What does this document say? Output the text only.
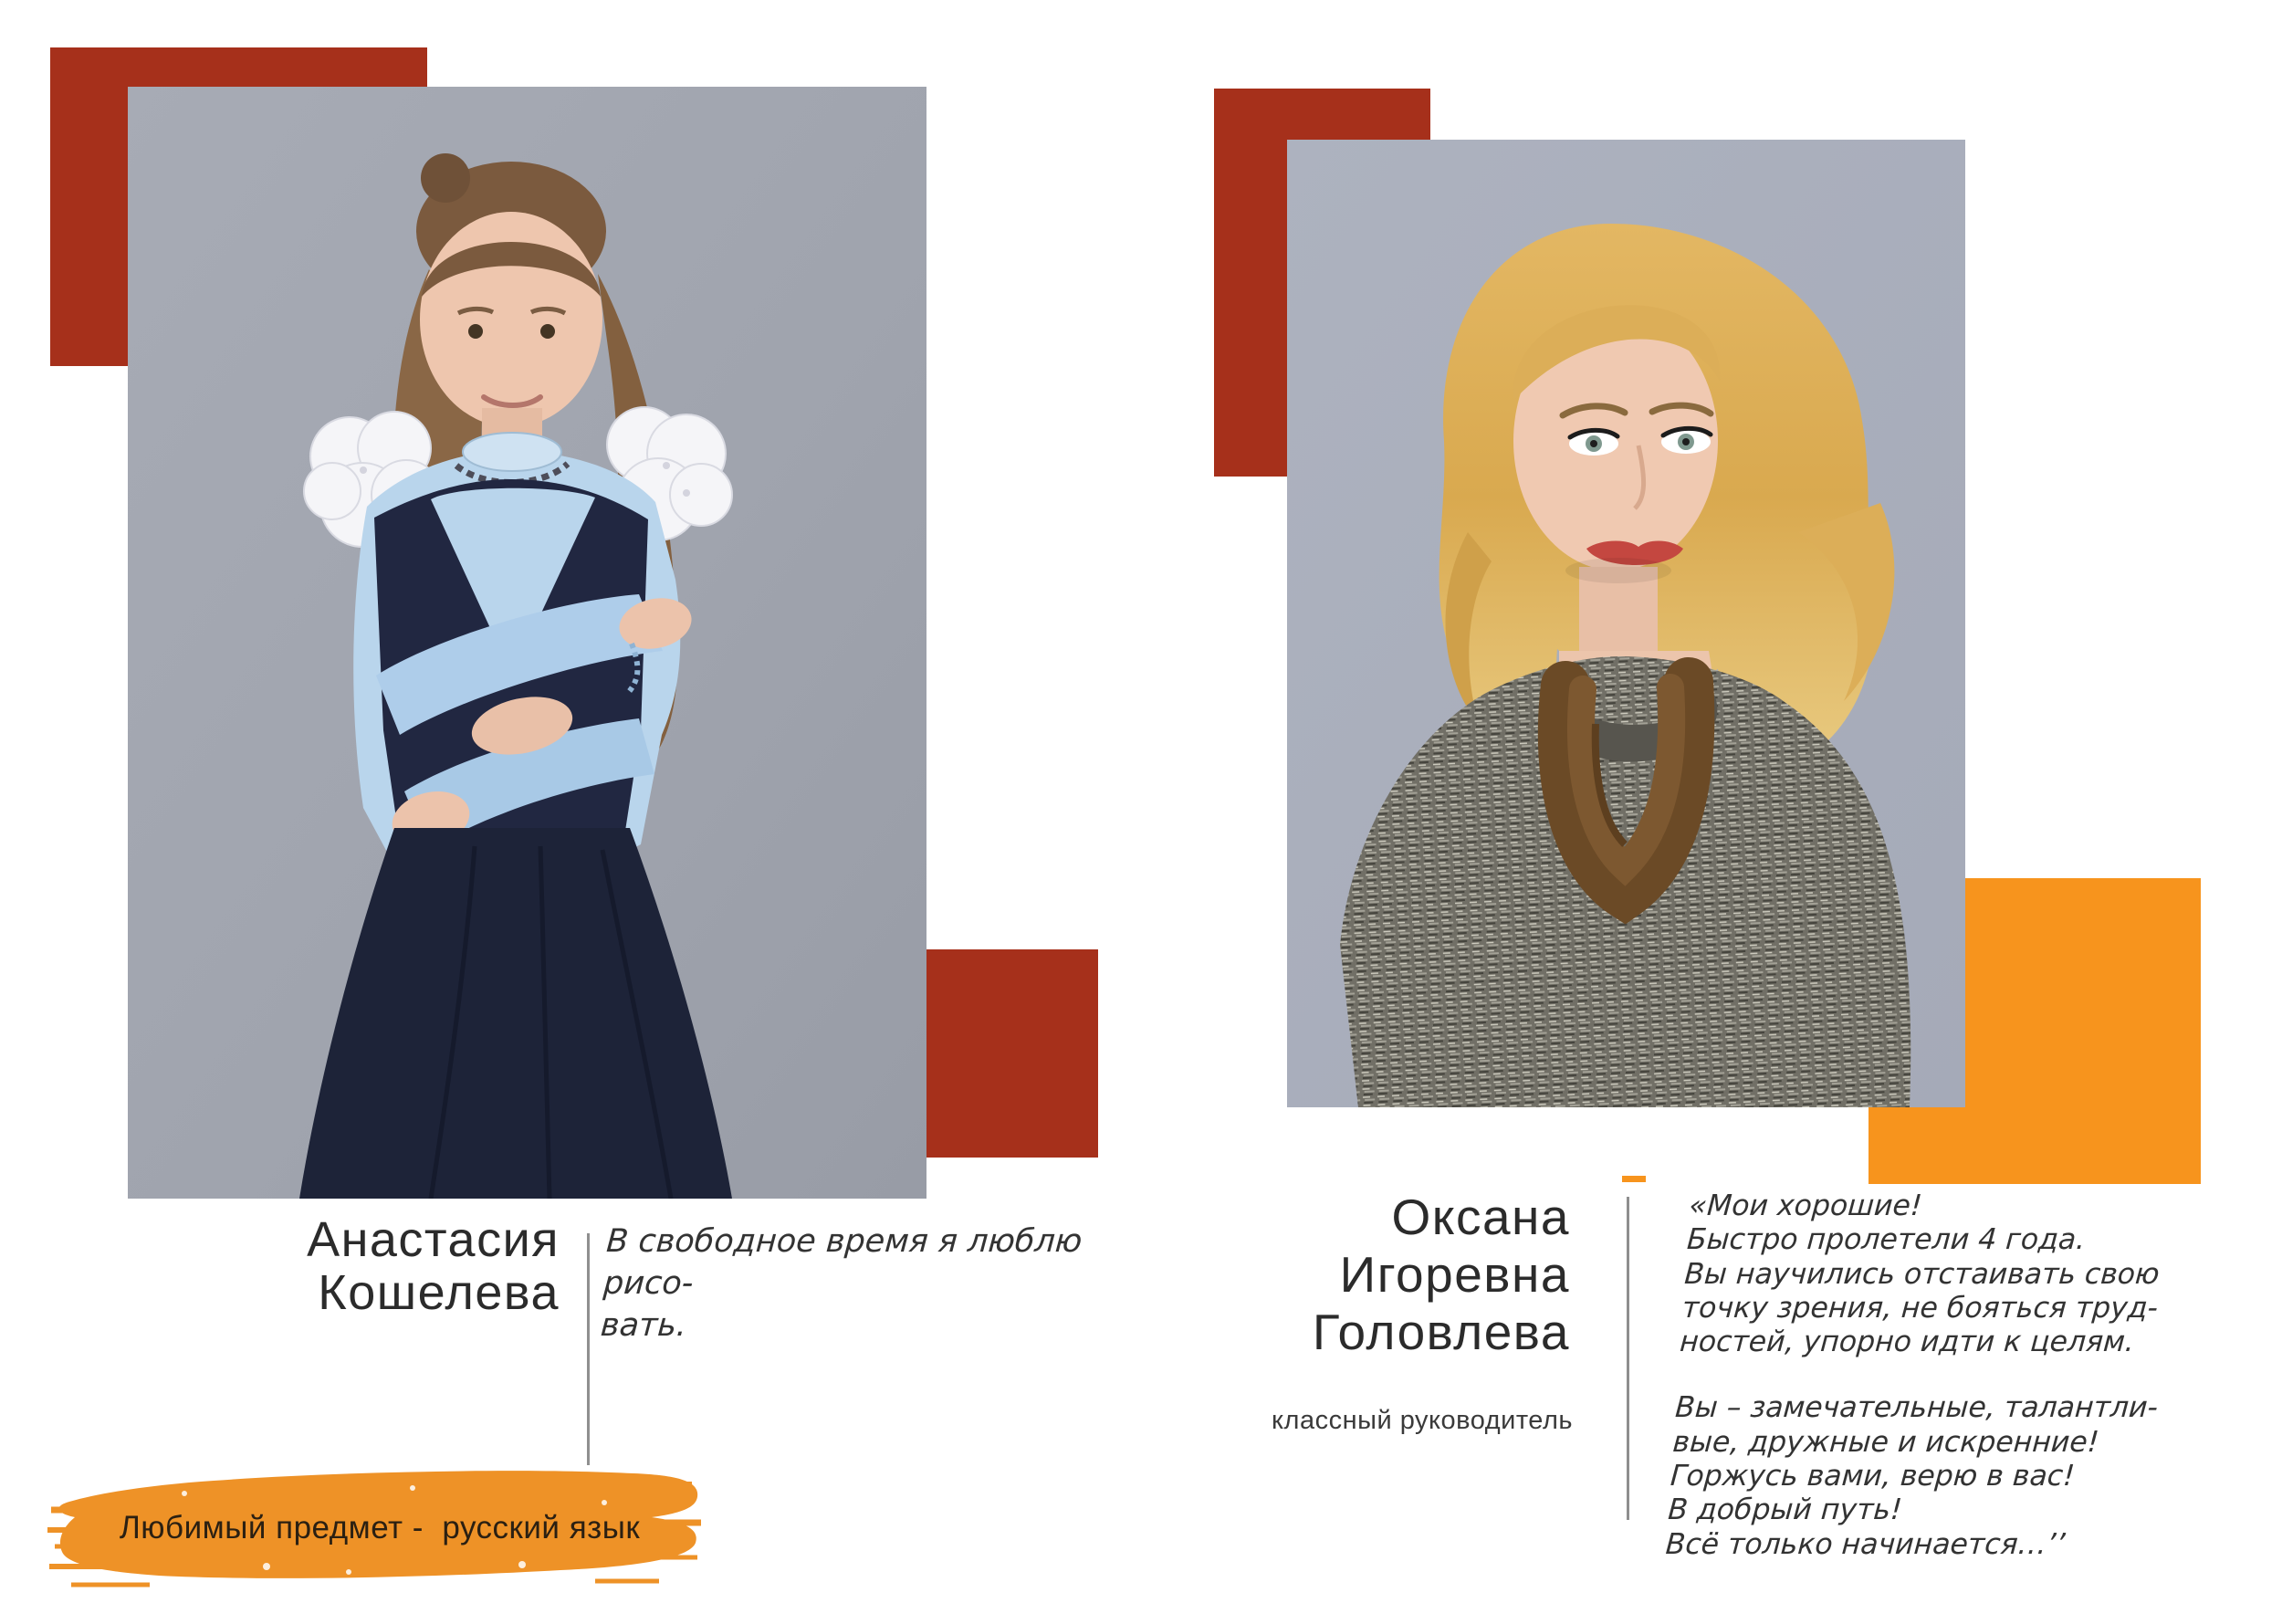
Анастасия
Кошелева
В свободное время я люблю рисо-
вать.
Любимый предмет -  русский язык
Оксана
Игоревна
Головлева
классный руководитель
«Мои хорошие!
Быстро пролетели 4 года.
Вы научились отстаивать свою
точку зрения, не бояться труд-
ностей, упорно идти к целям.
Вы – замечательные, талантли-
вые, дружные и искренние!
Горжусь вами, верю в вас!
В добрый путь!
Всё только начинается…’’
